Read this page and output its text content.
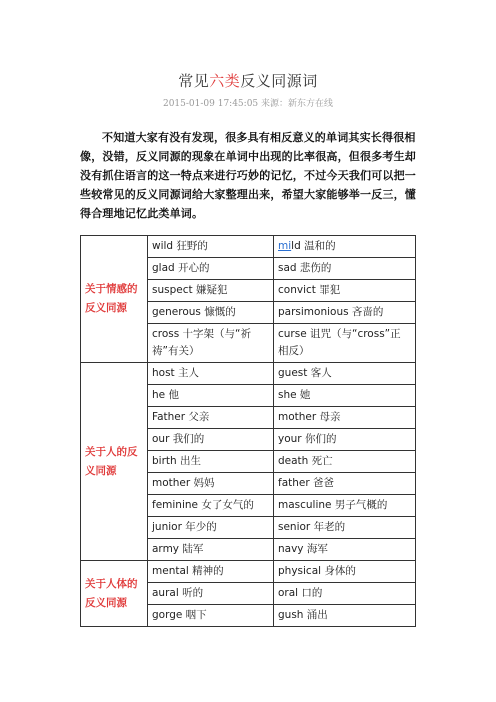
常见六类反义同源词
2015-01-09 17:45:05 来源：新东方在线

不知道大家有没有发现，很多具有相反意义的单词其实长得很相像，没错，反义同源的现象在单词中出现的比率很高，但很多考生却没有抓住语言的这一特点来进行巧妙的记忆，不过今天我们可以把一些较常见的反义同源词给大家整理出来，希望大家能够举一反三，懂得合理地记忆此类单词。

关于情感的反义同源	wild 狂野的	mild 温和的
	glad 开心的	sad 悲伤的
	suspect 嫌疑犯	convict 罪犯
	generous 慷慨的	parsimonious 吝啬的
	cross 十字架（与“祈祷”有关）	curse 诅咒（与“cross”正相反）
关于人的反义同源	host 主人	guest 客人
	he 他	she 她
	Father 父亲	mother 母亲
	our 我们的	your 你们的
	birth 出生	death 死亡
	mother 妈妈	father 爸爸
	feminine 女了女气的	masculine 男子气概的
	junior 年少的	senior 年老的
	army 陆军	navy 海军
关于人体的反义同源	mental 精神的	physical 身体的
	aural 听的	oral 口的
	gorge 咽下	gush 涌出
